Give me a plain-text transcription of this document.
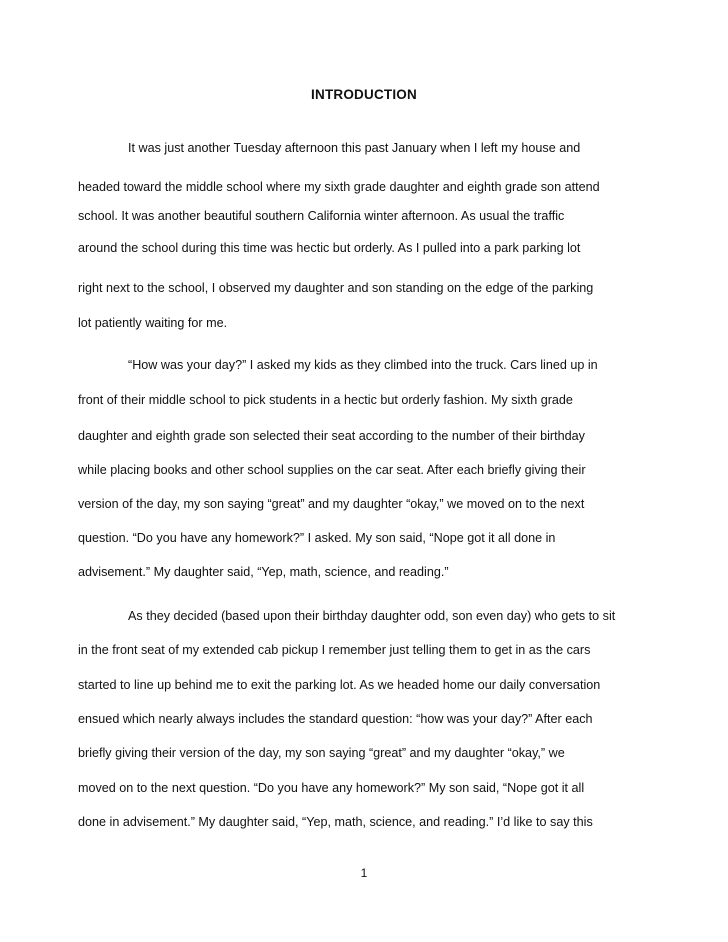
INTRODUCTION
It was just another Tuesday afternoon this past January when I left my house and
headed toward the middle school where my sixth grade daughter and eighth grade son attend
school. It was another beautiful southern California winter afternoon. As usual the traffic
around the school during this time was hectic but orderly. As I pulled into a park parking lot
right next to the school, I observed my daughter and son standing on the edge of the parking
lot patiently waiting for me.
“How was your day?” I asked my kids as they climbed into the truck. Cars lined up in
front of their middle school to pick students in a hectic but orderly fashion. My sixth grade
daughter and eighth grade son selected their seat according to the number of their birthday
while placing books and other school supplies on the car seat. After each briefly giving their
version of the day, my son saying “great” and my daughter “okay,” we moved on to the next
question. “Do you have any homework?” I asked. My son said, “Nope got it all done in
advisement.” My daughter said, “Yep, math, science, and reading.”
As they decided (based upon their birthday daughter odd, son even day) who gets to sit
in the front seat of my extended cab pickup I remember just telling them to get in as the cars
started to line up behind me to exit the parking lot. As we headed home our daily conversation
ensued which nearly always includes the standard question: “how was your day?” After each
briefly giving their version of the day, my son saying “great” and my daughter “okay,” we
moved on to the next question. “Do you have any homework?” My son said, “Nope got it all
done in advisement.” My daughter said, “Yep, math, science, and reading.” I’d like to say this
1
